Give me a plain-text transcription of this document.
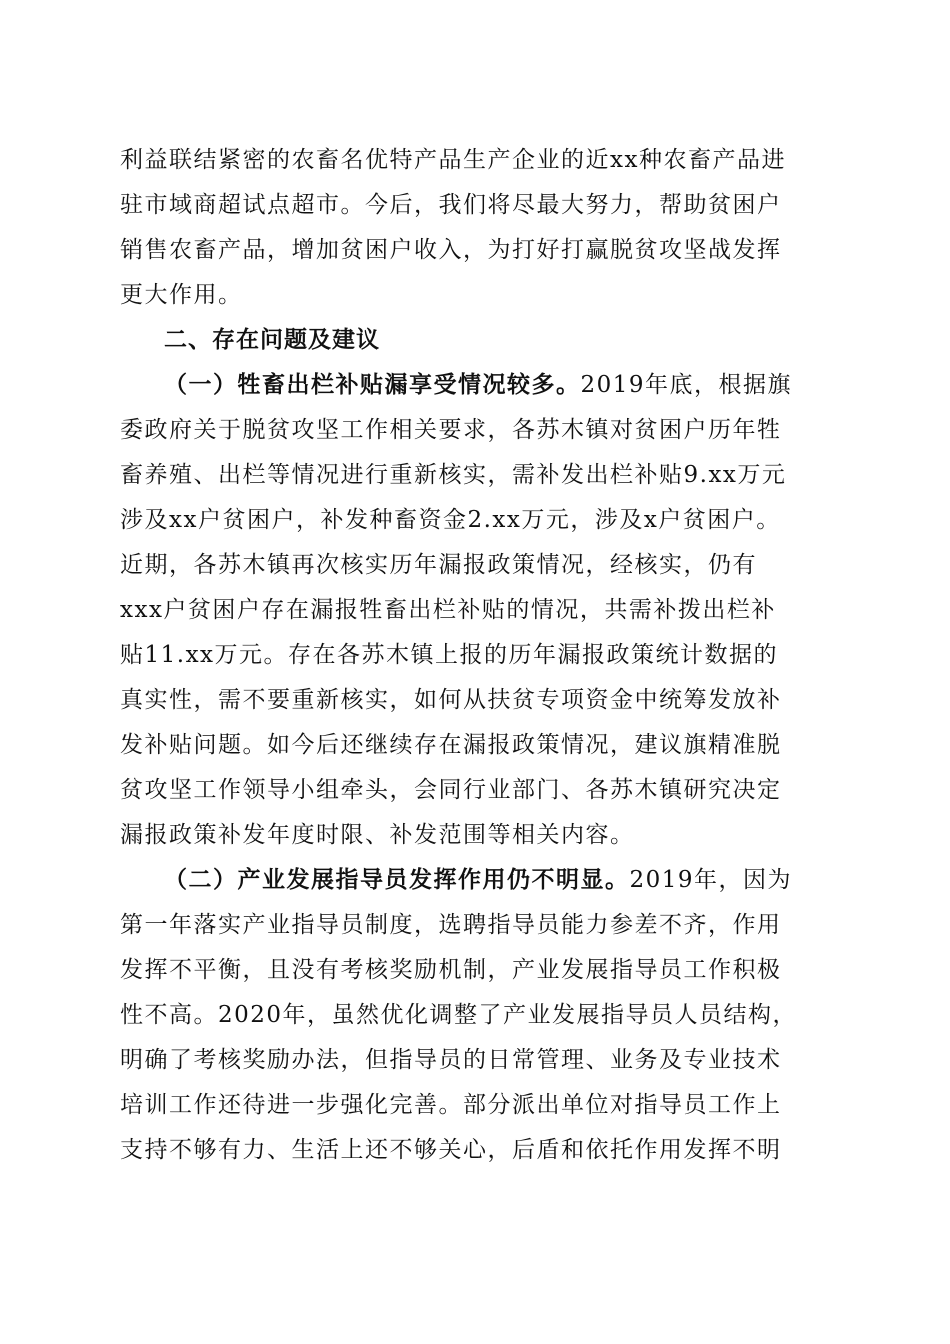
利益联结紧密的农畜名优特产品生产企业的近xx种农畜产品进
驻市域商超试点超市。今后，我们将尽最大努力，帮助贫困户
销售农畜产品，增加贫困户收入，为打好打赢脱贫攻坚战发挥
更大作用。
二、存在问题及建议
（一）牲畜出栏补贴漏享受情况较多。2019年底，根据旗
委政府关于脱贫攻坚工作相关要求，各苏木镇对贫困户历年牲
畜养殖、出栏等情况进行重新核实，需补发出栏补贴9.xx万元
涉及xx户贫困户，补发种畜资金2.xx万元，涉及x户贫困户。
近期，各苏木镇再次核实历年漏报政策情况，经核实，仍有
xxx户贫困户存在漏报牲畜出栏补贴的情况，共需补拨出栏补
贴11.xx万元。存在各苏木镇上报的历年漏报政策统计数据的
真实性，需不要重新核实，如何从扶贫专项资金中统筹发放补
发补贴问题。如今后还继续存在漏报政策情况，建议旗精准脱
贫攻坚工作领导小组牵头，会同行业部门、各苏木镇研究决定
漏报政策补发年度时限、补发范围等相关内容。
（二）产业发展指导员发挥作用仍不明显。2019年，因为
第一年落实产业指导员制度，选聘指导员能力参差不齐，作用
发挥不平衡，且没有考核奖励机制，产业发展指导员工作积极
性不高。2020年，虽然优化调整了产业发展指导员人员结构，
明确了考核奖励办法，但指导员的日常管理、业务及专业技术
培训工作还待进一步强化完善。部分派出单位对指导员工作上
支持不够有力、生活上还不够关心，后盾和依托作用发挥不明
